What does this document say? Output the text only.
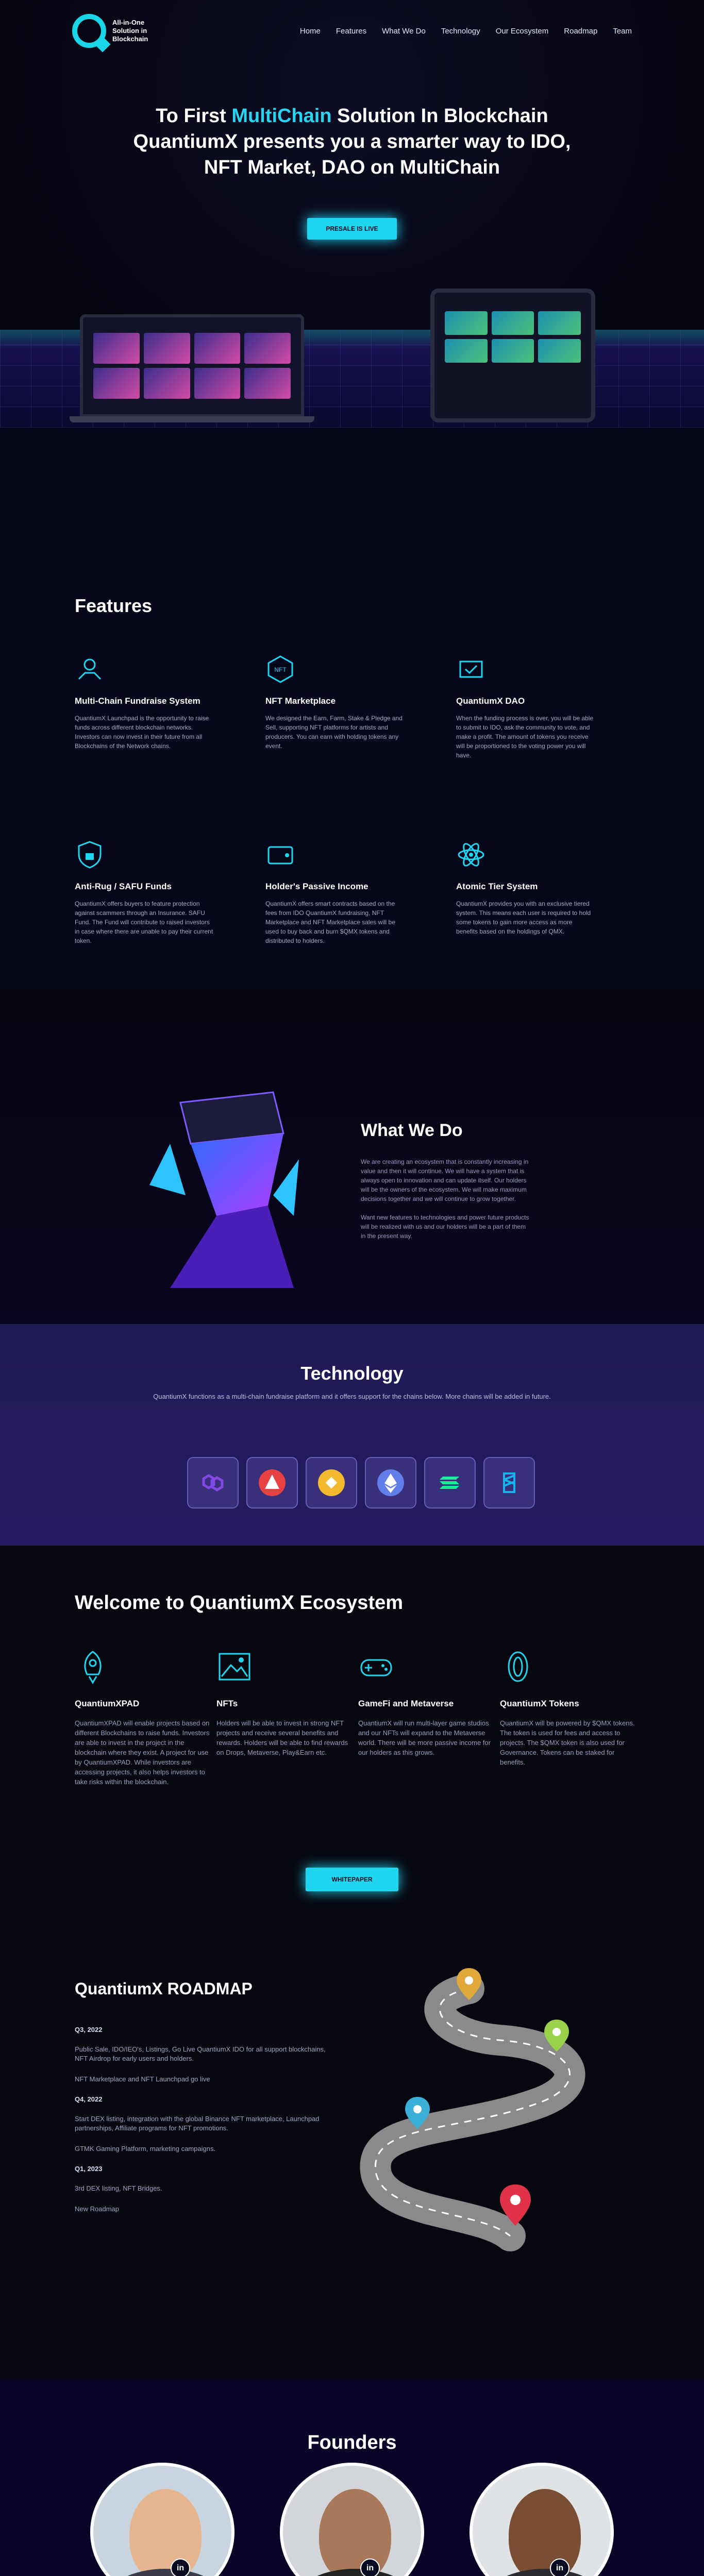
All-in-One Solution in Blockchain
Home Features What We Do Technology Our Ecosystem Roadmap Team
To First MultiChain Solution In Blockchain
QuantiumX presents you a smarter way to IDO,
NFT Market, DAO on MultiChain
PRESALE IS LIVE
Features
Multi-Chain Fundraise System
QuantiumX Launchpad is the opportunity to raise funds across different blockchain networks. Investors can now invest in their future from all Blockchains of the Network chains.
NFT
NFT Marketplace
We designed the Earn, Farm, Stake & Pledge and Sell, supporting NFT platforms for artists and producers. You can earn with holding tokens any event.
QuantiumX DAO
When the funding process is over, you will be able to submit to IDO, ask the community to vote, and make a profit. The amount of tokens you receive will be proportioned to the voting power you will have.
Anti-Rug / SAFU Funds
QuantiumX offers buyers to feature protection against scammers through an Insurance. SAFU Fund. The Fund will contribute to raised investors in case where there are unable to pay their current token.
Holder's Passive Income
QuantiumX offers smart contracts based on the fees from IDO QuantiumX fundraising, NFT Marketplace and NFT Marketplace sales will be used to buy back and burn $QMX tokens and distributed to holders.
Atomic Tier System
QuantiumX provides you with an exclusive tiered system. This means each user is required to hold some tokens to gain more access as more benefits based on the holdings of QMX.
What We Do

We are creating an ecosystem that is constantly increasing in value and then it will continue. We will have a system that is always open to innovation and can update itself. Our holders will be the owners of the ecosystem. We will make maximum decisions together and we will continue to grow together.

Want new features to technologies and power future products will be realized with us and our holders will be a part of them in the present way.

Technology

QuantiumX functions as a multi-chain fundraise platform and it offers support for the chains below. More chains will be added in future.

Welcome to QuantiumX Ecosystem
QuantiumXPAD
QuantiumXPAD will enable projects based on different Blockchains to raise funds. Investors are able to invest in the project in the blockchain where they exist. A project for use by QuantiumXPAD. While investors are accessing projects, it also helps investors to take risks within the blockchain.
NFTs
Holders will be able to invest in strong NFT projects and receive several benefits and rewards. Holders will be able to find rewards on Drops, Metaverse, Play&Earn etc.
GameFi and Metaverse
QuantiumX will run multi-layer game studios and our NFTs will expand to the Metaverse world. There will be more passive income for our holders as this grows.
QuantiumX Tokens
QuantiumX will be powered by $QMX tokens. The token is used for fees and access to projects. The $QMX token is also used for Governance. Tokens can be staked for benefits.
WHITEPAPER
QuantiumX ROADMAP
Q3, 2022
Public Sale, IDO/IEO's, Listings, Go Live QuantiumX IDO for all support blockchains, NFT Airdrop for early users and holders.
NFT Marketplace and NFT Launchpad go live
Q4, 2022
Start DEX listing, integration with the global Binance NFT marketplace, Launchpad partnerships, Affiliate programs for NFT promotions.
GTMK Gaming Platform, marketing campaigns.
Q1, 2023
3rd DEX listing, NFT Bridges.
New Roadmap
Founders
in	in	in
